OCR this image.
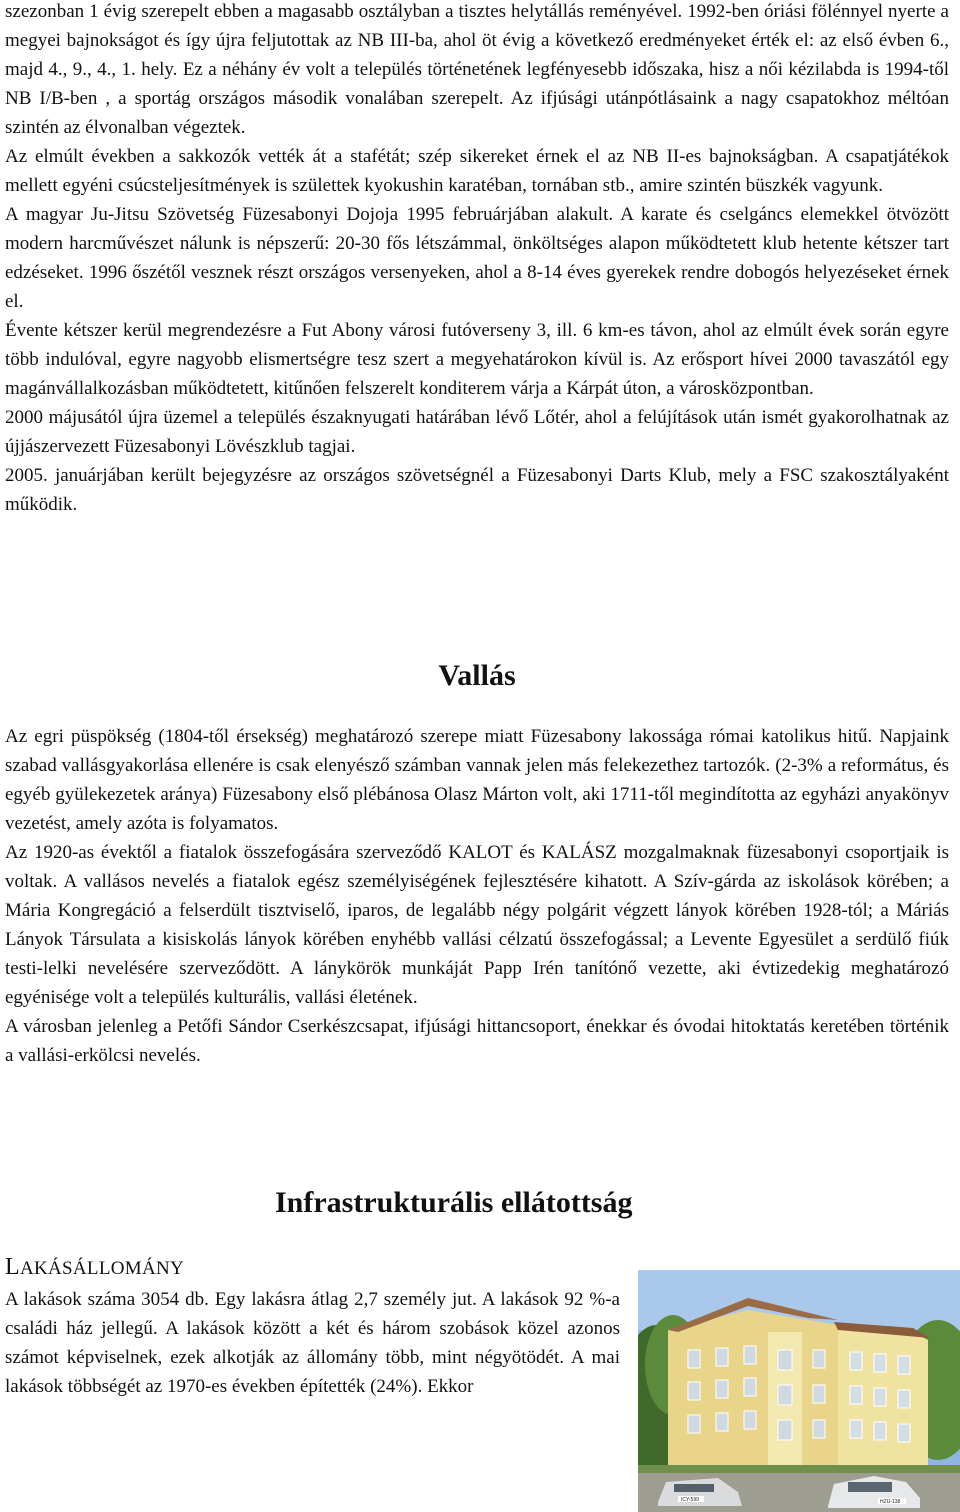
szezonban 1 évig szerepelt ebben a magasabb osztályban a tisztes helytállás reményével. 1992-ben óriási fölénnyel nyerte a megyei bajnokságot és így újra feljutottak az NB III-ba, ahol öt évig a következő eredményeket érték el: az első évben 6., majd 4., 9., 4., 1. hely. Ez a néhány év volt a település történetének legfényesebb időszaka, hisz a női kézilabda is 1994-től NB I/B-ben , a sportág országos második vonalában szerepelt. Az ifjúsági utánpótlásaink a nagy csapatokhoz méltóan szintén az élvonalban végeztek.

Az elmúlt években a sakkozók vették át a stafétát; szép sikereket érnek el az NB II-es bajnokságban. A csapatjátékok mellett egyéni csúcsteljesítmények is születtek kyokushin karatéban, tornában stb., amire szintén büszkék vagyunk.

A magyar Ju-Jitsu Szövetség Füzesabonyi Dojoja 1995 februárjában alakult. A karate és cselgáncs elemekkel ötvözött modern harcművészet nálunk is népszerű: 20-30 fős létszámmal, önköltséges alapon működtetett klub hetente kétszer tart edzéseket. 1996 őszétől vesznek részt országos versenyeken, ahol a 8-14 éves gyerekek rendre dobogós helyezéseket érnek el.

Évente kétszer kerül megrendezésre a Fut Abony városi futóverseny 3, ill. 6 km-es távon, ahol az elmúlt évek során egyre több indulóval, egyre nagyobb elismertségre tesz szert a megyehatárokon kívül is. Az erősport hívei 2000 tavaszától egy magánvállalkozásban működtetett, kitűnően felszerelt konditerem várja a Kárpát úton, a városközpontban.

2000 májusától újra üzemel a település északnyugati határában lévő Lőtér, ahol a felújítások után ismét gyakorolhatnak az újjászervezett Füzesabonyi Lövészklub tagjai.

2005. januárjában került bejegyzésre az országos szövetségnél a Füzesabonyi Darts Klub, mely a FSC szakosztályaként működik.

Vallás

Az egri püspökség (1804-től érsekség) meghatározó szerepe miatt Füzesabony lakossága római katolikus hitű. Napjaink szabad vallásgyakorlása ellenére is csak elenyésző számban vannak jelen más felekezethez tartozók. (2-3% a református, és egyéb gyülekezetek aránya) Füzesabony első plébánosa Olasz Márton volt, aki 1711-től megindította az egyházi anyakönyv vezetést, amely azóta is folyamatos.

Az 1920-as évektől a fiatalok összefogására szerveződő KALOT és KALÁSZ mozgalmaknak füzesabonyi csoportjaik is voltak. A vallásos nevelés a fiatalok egész személyiségének fejlesztésére kihatott. A Szív-gárda az iskolások körében; a Mária Kongregáció a felserdült tisztviselő, iparos, de legalább négy polgárit végzett lányok körében 1928-tól; a Máriás Lányok Társulata a kisiskolás lányok körében enyhébb vallási célzatú összefogással; a Levente Egyesület a serdülő fiúk testi-lelki nevelésére szerveződött. A lánykörök munkáját Papp Irén tanítónő vezette, aki évtizedekig meghatározó egyénisége volt a település kulturális, vallási életének.

A városban jelenleg a Petőfi Sándor Cserkészcsapat, ifjúsági hittancsoport, énekkar és óvodai hitoktatás keretében történik a vallási-erkölcsi nevelés.

Infrastrukturális ellátottság
LAKÁSÁLLOMÁNY

A lakások száma 3054 db. Egy lakásra átlag 2,7 személy jut. A lakások 92 %-a családi ház jellegű. A lakások között a két és három szobások közel azonos számot képviselnek, ezek alkotják az állomány több, mint négyötödét. A mai lakások többségét az 1970-es években építették (24%). Ekkor

ICY-599	HZU-138
